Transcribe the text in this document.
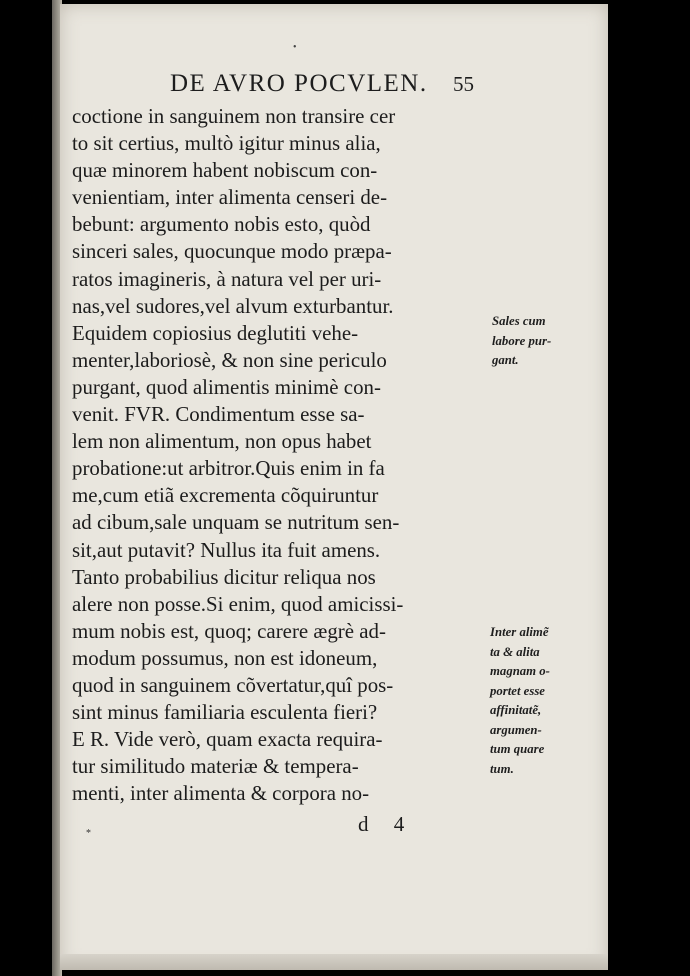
•
DE AVRO POCVLEN.	55
coctione in sanguinem non transire cer
to sit certius, multò igitur minus alia,
quæ minorem habent nobiscum con-
venientiam, inter alimenta censeri de-
bebunt: argumento nobis esto, quòd
sinceri sales, quocunque modo præpa-
ratos imagineris, à natura vel per uri-
nas,vel sudores,vel alvum exturbantur.
Equidem copiosius deglutiti vehe-
menter,laboriosè, & non sine periculo
purgant, quod alimentis minimè con-
venit. FVR. Condimentum esse sa-
lem non alimentum, non opus habet
probatione:ut arbitror.Quis enim in fa
me,cum etiã excrementa cõquiruntur
ad cibum,sale unquam se nutritum sen-
sit,aut putavit? Nullus ita fuit amens.
Tanto probabilius dicitur reliqua nos
alere non posse.Si enim, quod amicissi-
mum nobis est, quoq; carere ægrè ad-
modum possumus, non est idoneum,
quod in sanguinem cõvertatur,quî pos-
sint minus familiaria esculenta fieri?
E R. Vide verò, quam exacta requira-
tur similitudo materiæ & tempera-
menti, inter alimenta & corpora no-
Sales cum
labore pur-
gant.
Inter alimẽ
ta & alita
magnam o-
portet esse
affinitatẽ,
argumen-
tum quare
tum.
d 4
*
